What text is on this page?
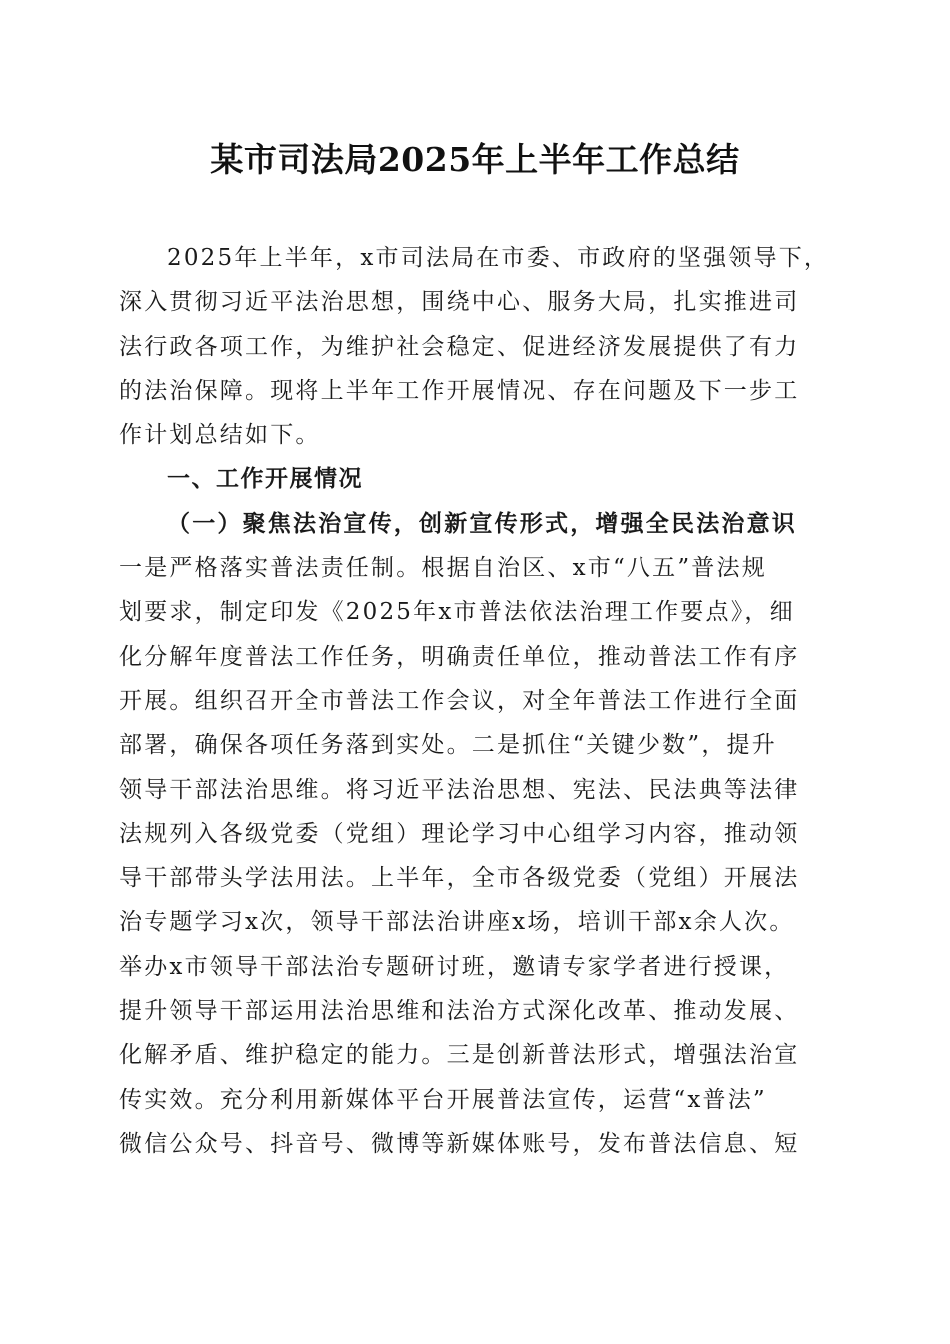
某市司法局2025年上半年工作总结
2025年上半年，x市司法局在市委、市政府的坚强领导下，
深入贯彻习近平法治思想，围绕中心、服务大局，扎实推进司
法行政各项工作，为维护社会稳定、促进经济发展提供了有力
的法治保障。现将上半年工作开展情况、存在问题及下一步工
作计划总结如下。
一、工作开展情况
（一）聚焦法治宣传，创新宣传形式，增强全民法治意识
一是严格落实普法责任制。根据自治区、x市“八五”普法规
划要求，制定印发《2025年x市普法依法治理工作要点》，细
化分解年度普法工作任务，明确责任单位，推动普法工作有序
开展。组织召开全市普法工作会议，对全年普法工作进行全面
部署，确保各项任务落到实处。二是抓住“关键少数”，提升
领导干部法治思维。将习近平法治思想、宪法、民法典等法律
法规列入各级党委（党组）理论学习中心组学习内容，推动领
导干部带头学法用法。上半年，全市各级党委（党组）开展法
治专题学习x次，领导干部法治讲座x场，培训干部x余人次。
举办x市领导干部法治专题研讨班，邀请专家学者进行授课，
提升领导干部运用法治思维和法治方式深化改革、推动发展、
化解矛盾、维护稳定的能力。三是创新普法形式，增强法治宣
传实效。充分利用新媒体平台开展普法宣传，运营“x普法”
微信公众号、抖音号、微博等新媒体账号，发布普法信息、短
